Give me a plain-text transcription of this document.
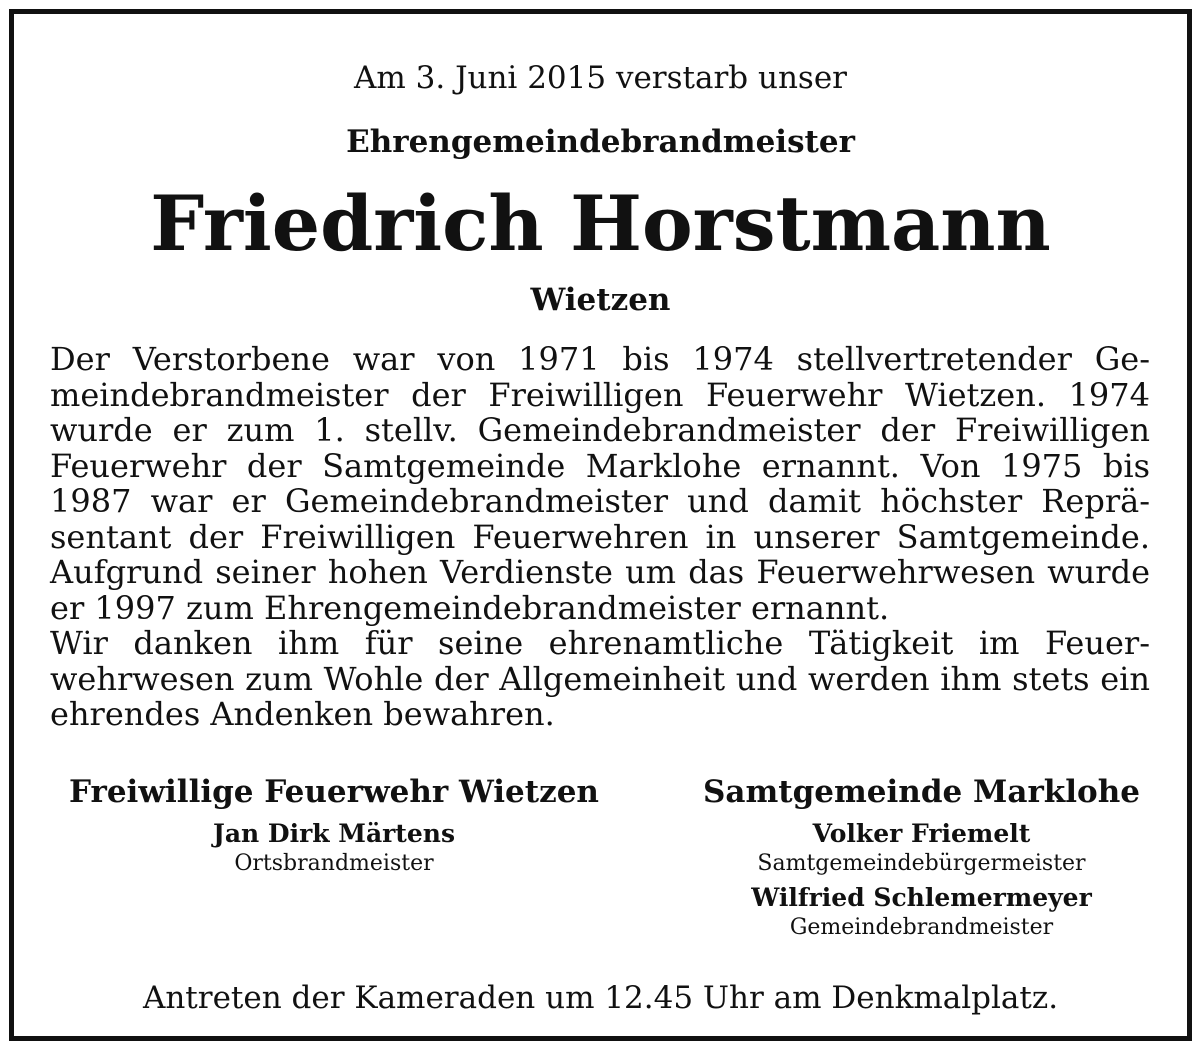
Am 3. Juni 2015 verstarb unser
Ehrengemeindebrandmeister
Friedrich Horstmann
Wietzen

Der Verstorbene war von 1971 bis 1974 stellvertretender Gemeindebrandmeister der Freiwilligen Feuerwehr Wietzen. 1974 wurde er zum 1. stellv. Gemeindebrandmeister der Freiwilligen Feuerwehr der Samtgemeinde Marklohe ernannt. Von 1975 bis 1987 war er Gemeindebrandmeister und damit höchster Repräsentant der Freiwilligen Feuerwehren in unserer Samtgemeinde. Aufgrund seiner hohen Verdienste um das Feuerwehrwesen wurde er 1997 zum Ehrengemeindebrandmeister ernannt.

Wir danken ihm für seine ehrenamtliche Tätigkeit im Feuerwehrwesen zum Wohle der Allgemeinheit und werden ihm stets ein ehrendes Andenken bewahren.

Freiwillige Feuerwehr Wietzen

Jan Dirk Märtens

Ortsbrandmeister

Samtgemeinde Marklohe

Volker Friemelt

Samtgemeindebürgermeister

Wilfried Schlemermeyer

Gemeindebrandmeister

Antreten der Kameraden um 12.45 Uhr am Denkmalplatz.
